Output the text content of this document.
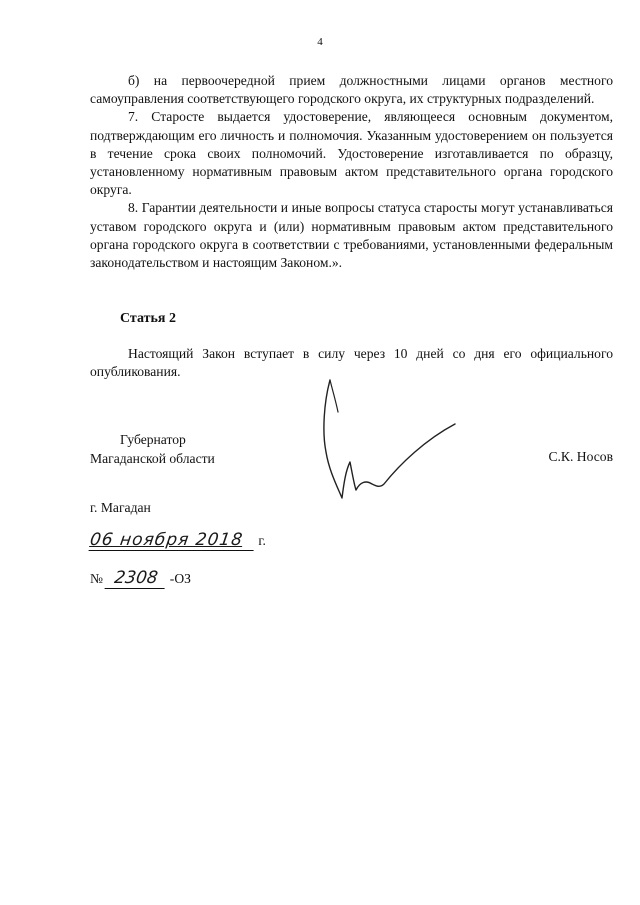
4

б) на первоочередной прием должностными лицами органов местного самоуправления соответствующего городского округа, их структурных подразделений.

7. Старосте выдается удостоверение, являющееся основным документом, подтверждающим его личность и полномочия. Указанным удостоверением он пользуется в течение срока своих полномочий. Удостоверение изготавливается по образцу, установленному нормативным правовым актом представительного органа городского округа.

8. Гарантии деятельности и иные вопросы статуса старосты могут устанавливаться уставом городского округа и (или) нормативным правовым актом представительного органа городского округа в соответствии с требованиями, установленными федеральным законодательством и настоящим Законом.».

Статья 2

Настоящий Закон вступает в силу через 10 дней со дня его официального опубликования.

Губернатор
Магаданской области	С.К. Носов
г. Магадан
06 ноября 2018 г.
№ 2308 -ОЗ
